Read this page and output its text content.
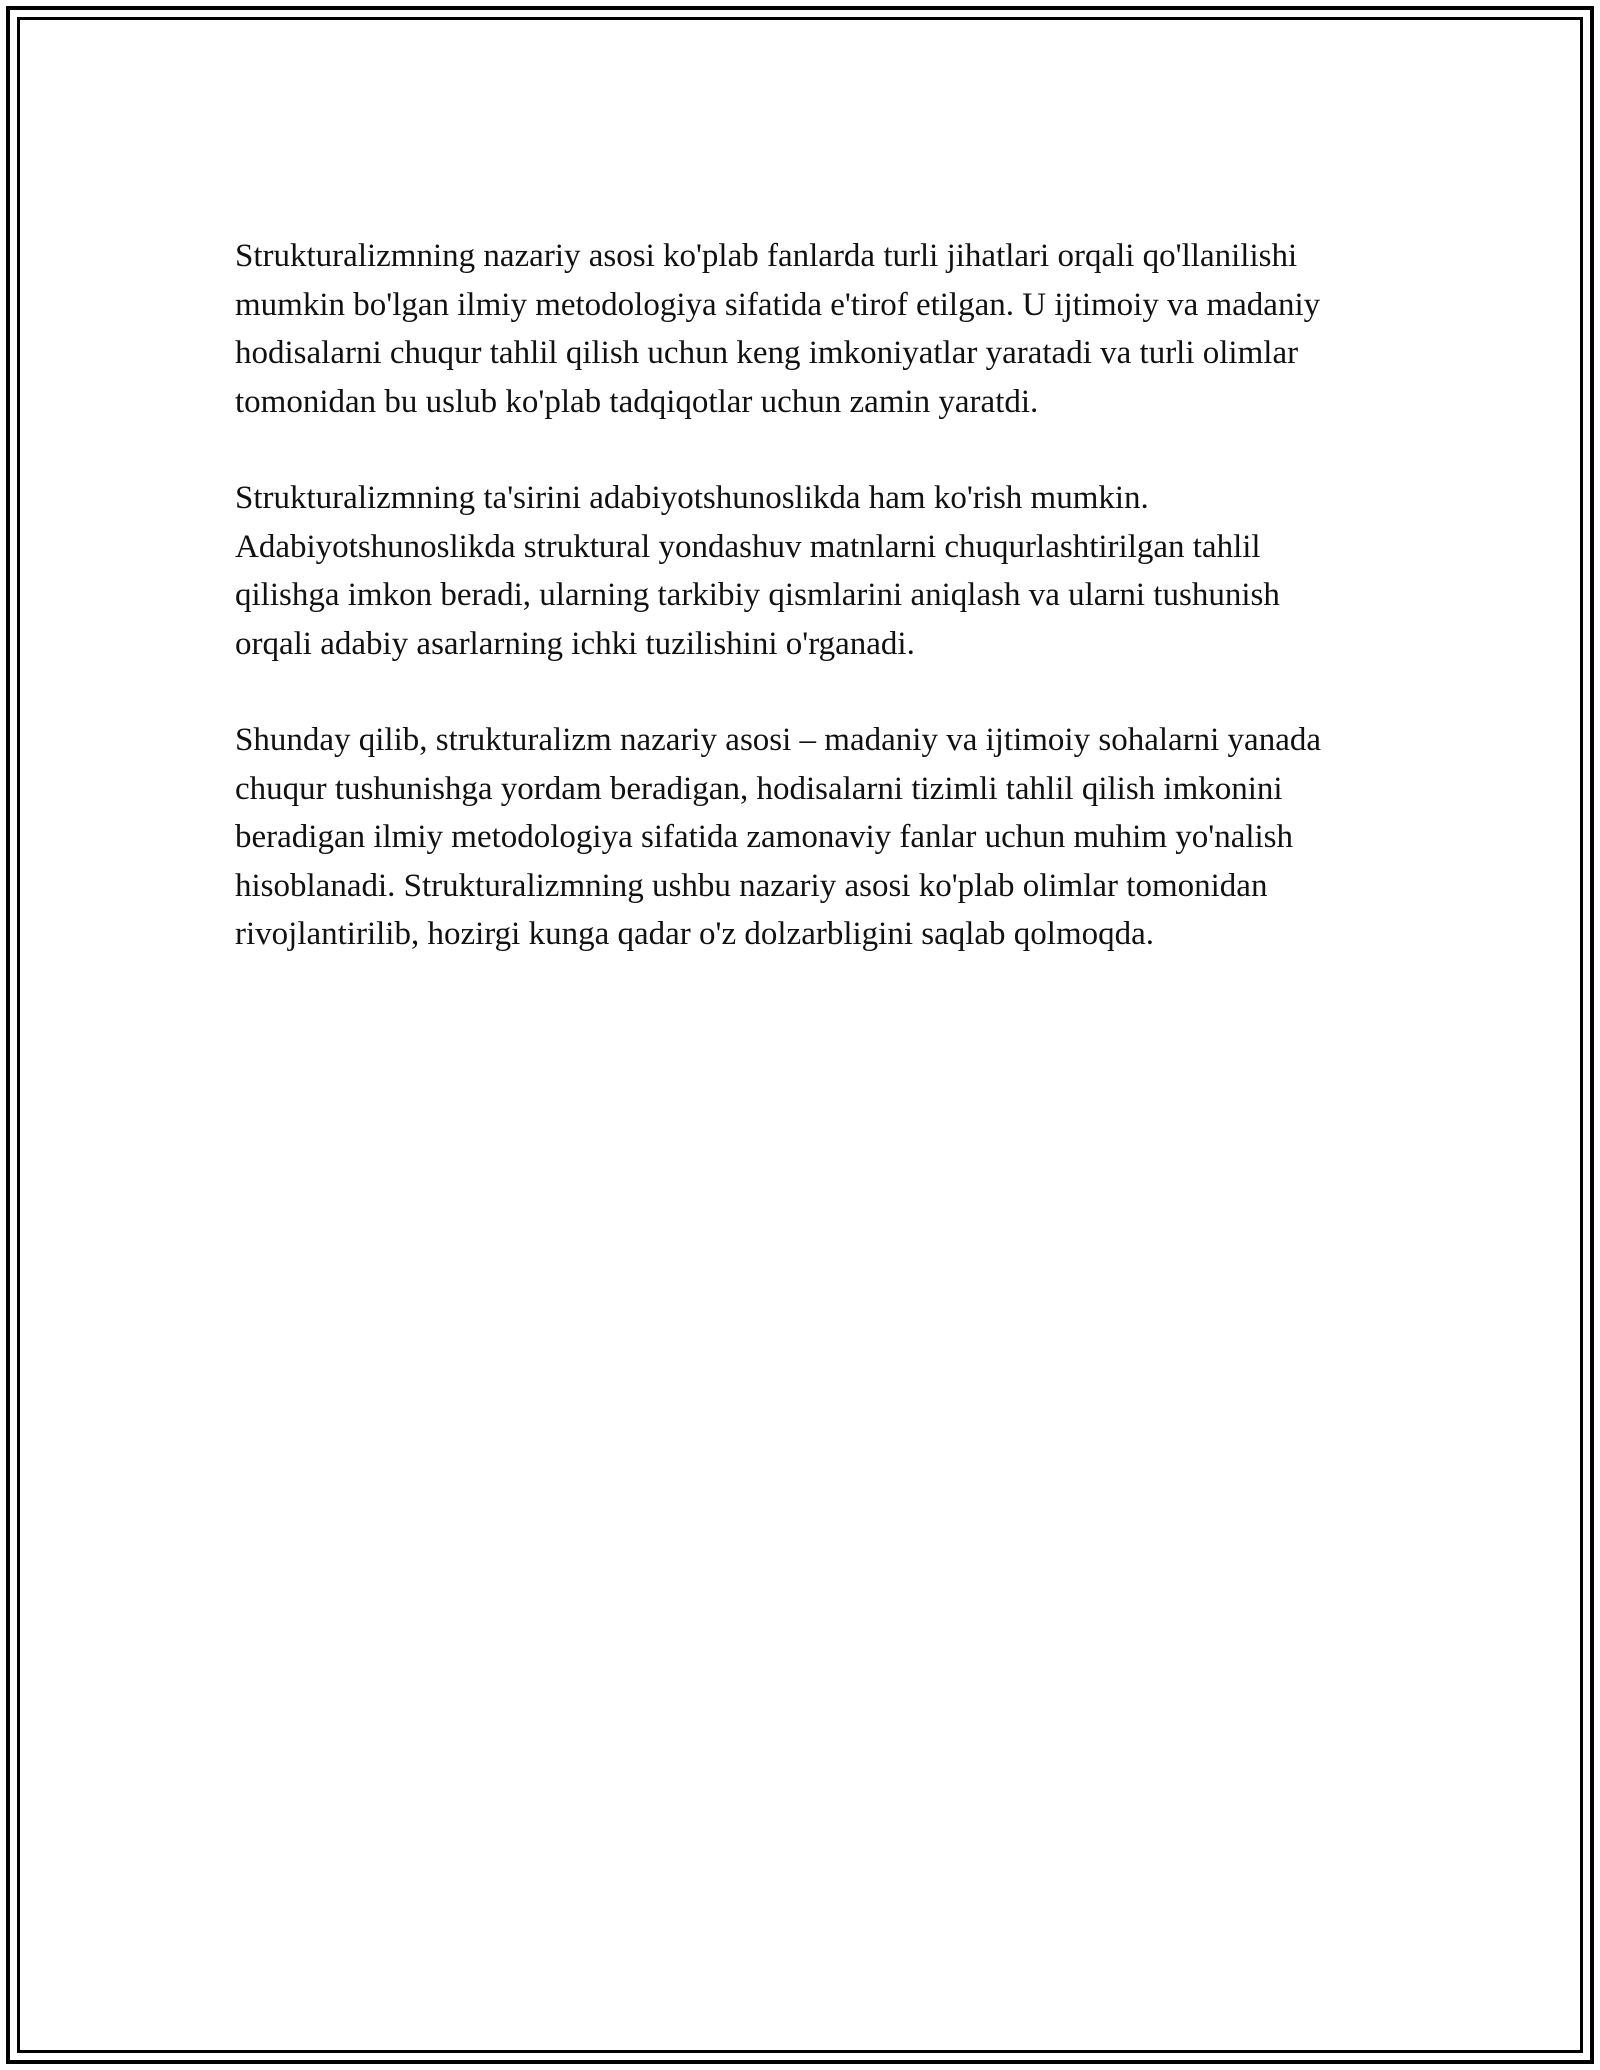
Strukturalizmning nazariy asosi ko'plab fanlarda turli jihatlari orqali qo'llanilishi mumkin bo'lgan ilmiy metodologiya sifatida e'tirof etilgan. U ijtimoiy va madaniy hodisalarni chuqur tahlil qilish uchun keng imkoniyatlar yaratadi va turli olimlar tomonidan bu uslub ko'plab tadqiqotlar uchun zamin yaratdi.

Strukturalizmning ta'sirini adabiyotshunoslikda ham ko'rish mumkin. Adabiyotshunoslikda struktural yondashuv matnlarni chuqurlashtirilgan tahlil qilishga imkon beradi, ularning tarkibiy qismlarini aniqlash va ularni tushunish orqali adabiy asarlarning ichki tuzilishini o'rganadi.

Shunday qilib, strukturalizm nazariy asosi – madaniy va ijtimoiy sohalarni yanada chuqur tushunishga yordam beradigan, hodisalarni tizimli tahlil qilish imkonini beradigan ilmiy metodologiya sifatida zamonaviy fanlar uchun muhim yo'nalish hisoblanadi. Strukturalizmning ushbu nazariy asosi ko'plab olimlar tomonidan rivojlantirilib, hozirgi kunga qadar o'z dolzarbligini saqlab qolmoqda.
